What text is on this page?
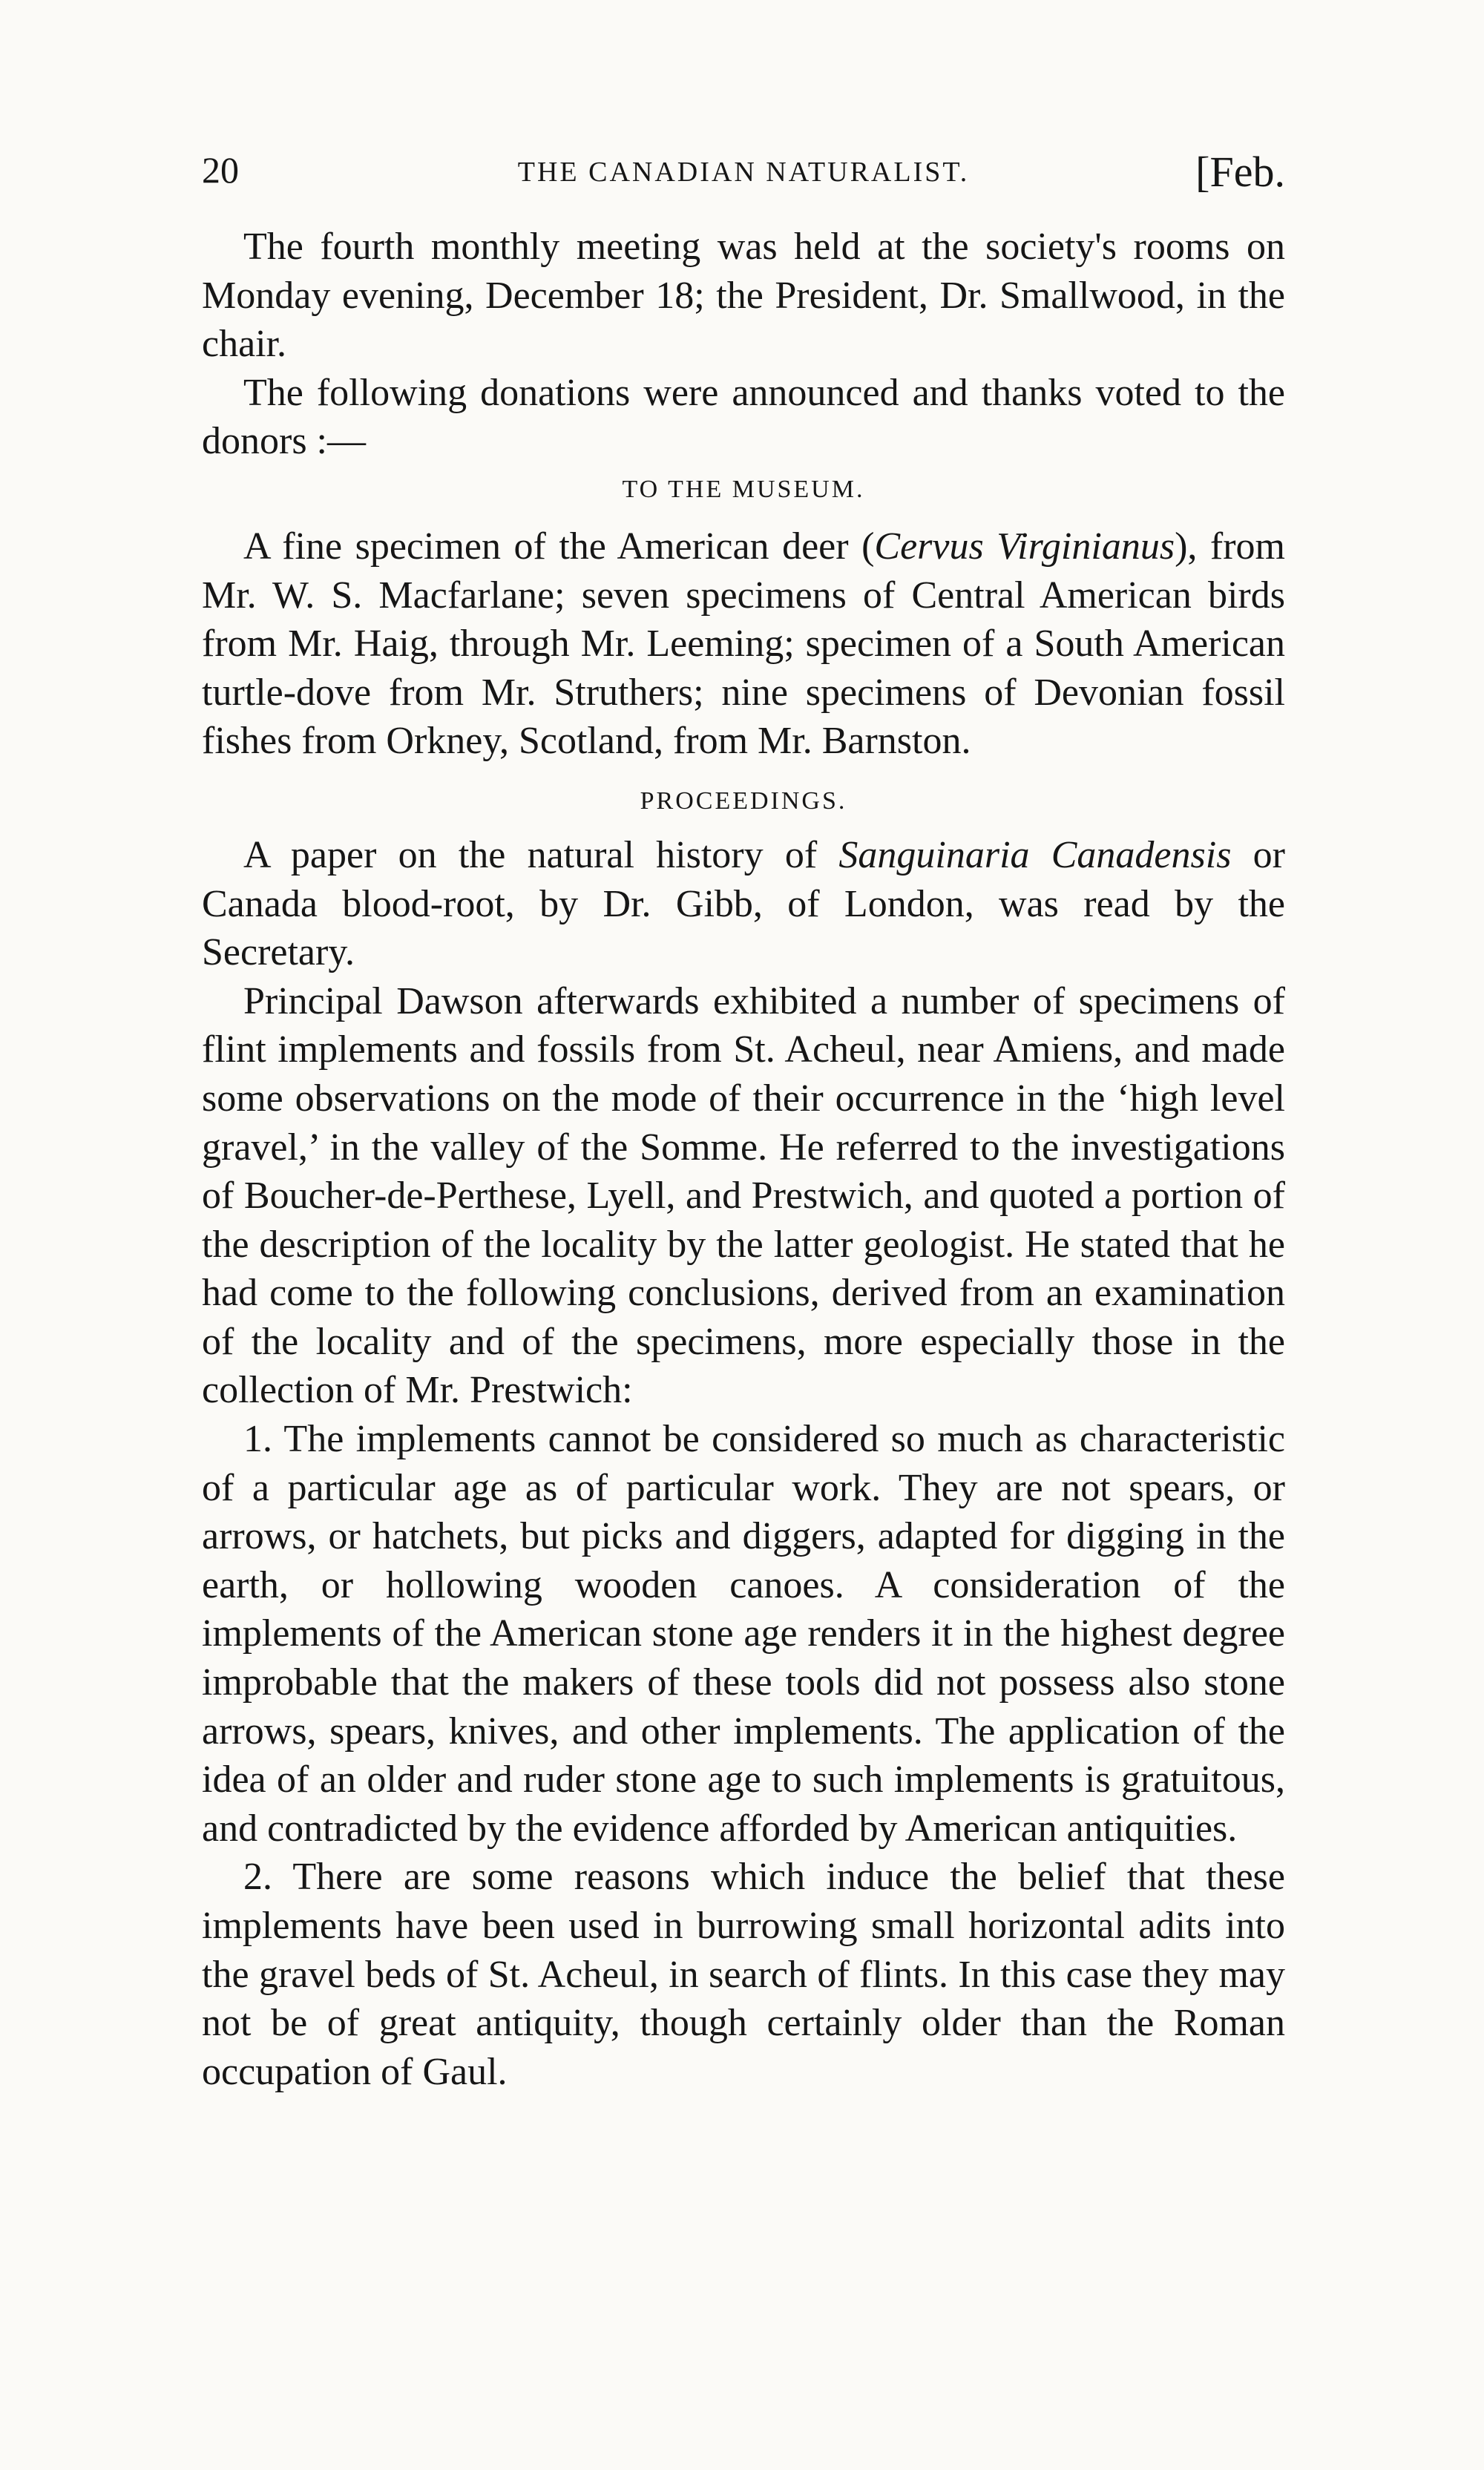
20	THE CANADIAN NATURALIST.	[Feb.

The fourth monthly meeting was held at the society's rooms on Monday evening, December 18; the President, Dr. Smallwood, in the chair.

The following donations were announced and thanks voted to the donors :—

TO THE MUSEUM.

A fine specimen of the American deer (Cervus Virginianus), from Mr. W. S. Macfarlane; seven specimens of Central American birds from Mr. Haig, through Mr. Leeming; specimen of a South American turtle-dove from Mr. Struthers; nine specimens of Devonian fossil fishes from Orkney, Scotland, from Mr. Barnston.

PROCEEDINGS.

A paper on the natural history of Sanguinaria Canadensis or Canada blood-root, by Dr. Gibb, of London, was read by the Secretary.

Principal Dawson afterwards exhibited a number of specimens of flint implements and fossils from St. Acheul, near Amiens, and made some observations on the mode of their occurrence in the ‘high level gravel,’ in the valley of the Somme. He referred to the investigations of Boucher-de-Perthese, Lyell, and Prestwich, and quoted a portion of the description of the locality by the latter geologist. He stated that he had come to the following conclusions, derived from an examination of the locality and of the specimens, more especially those in the collection of Mr. Prestwich:

1. The implements cannot be considered so much as characteristic of a particular age as of particular work. They are not spears, or arrows, or hatchets, but picks and diggers, adapted for digging in the earth, or hollowing wooden canoes. A consideration of the implements of the American stone age renders it in the highest degree improbable that the makers of these tools did not possess also stone arrows, spears, knives, and other implements. The application of the idea of an older and ruder stone age to such implements is gratuitous, and contradicted by the evidence afforded by American antiquities.

2. There are some reasons which induce the belief that these implements have been used in burrowing small horizontal adits into the gravel beds of St. Acheul, in search of flints. In this case they may not be of great antiquity, though certainly older than the Roman occupation of Gaul.
